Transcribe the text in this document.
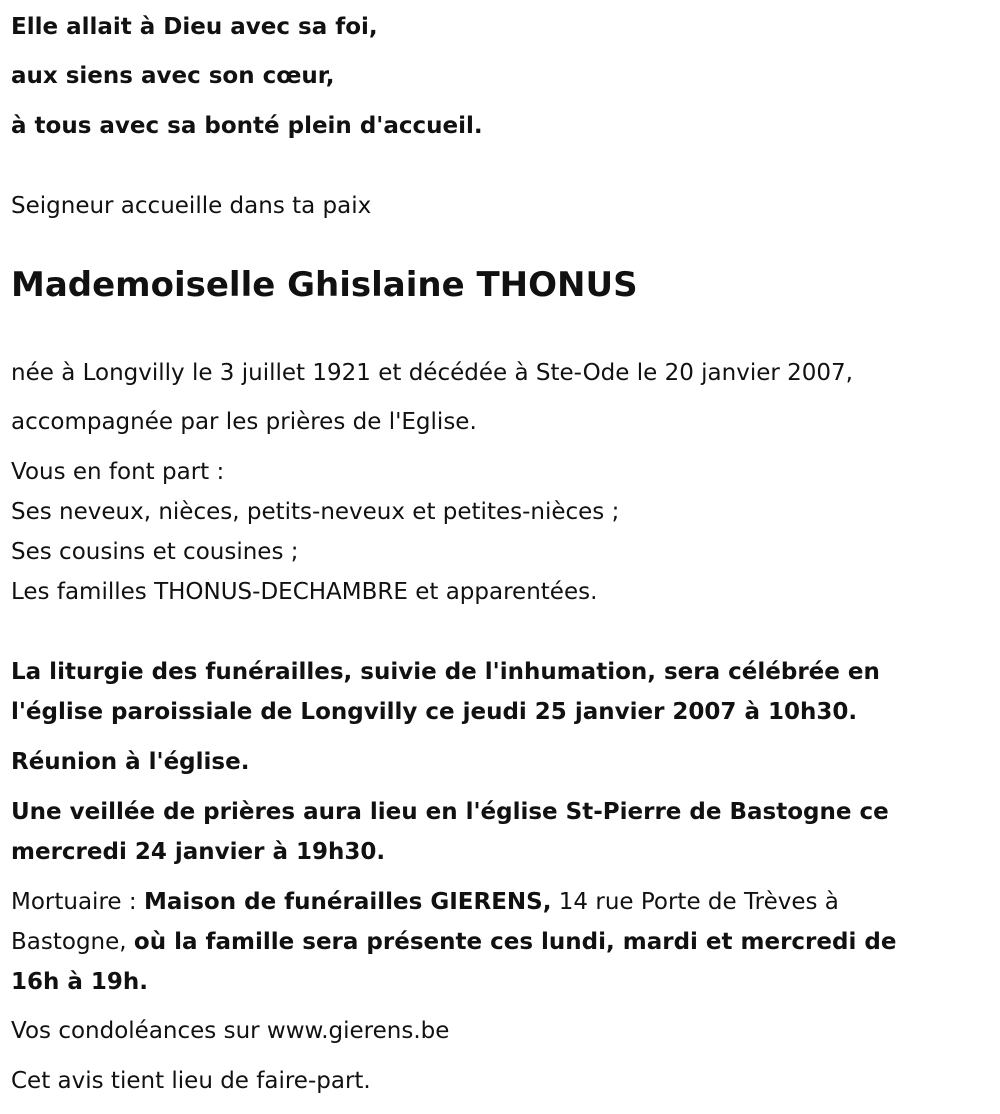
Elle allait à Dieu avec sa foi,
aux siens avec son cœur,
à tous avec sa bonté plein d'accueil.
Seigneur accueille dans ta paix
Mademoiselle Ghislaine THONUS
née à Longvilly le 3 juillet 1921 et décédée à Ste-Ode le 20 janvier 2007,
accompagnée par les prières de l'Eglise.
Vous en font part :
Ses neveux, nièces, petits-neveux et petites-nièces ;
Ses cousins et cousines ;
Les familles THONUS-DECHAMBRE et apparentées.
La liturgie des funérailles, suivie de l'inhumation, sera célébrée en
l'église paroissiale de Longvilly ce jeudi 25 janvier 2007 à 10h30.
Réunion à l'église.
Une veillée de prières aura lieu en l'église St-Pierre de Bastogne ce
mercredi 24 janvier à 19h30.
Mortuaire : Maison de funérailles GIERENS, 14 rue Porte de Trèves à
Bastogne, où la famille sera présente ces lundi, mardi et mercredi de
16h à 19h.
Vos condoléances sur www.gierens.be
Cet avis tient lieu de faire-part.
